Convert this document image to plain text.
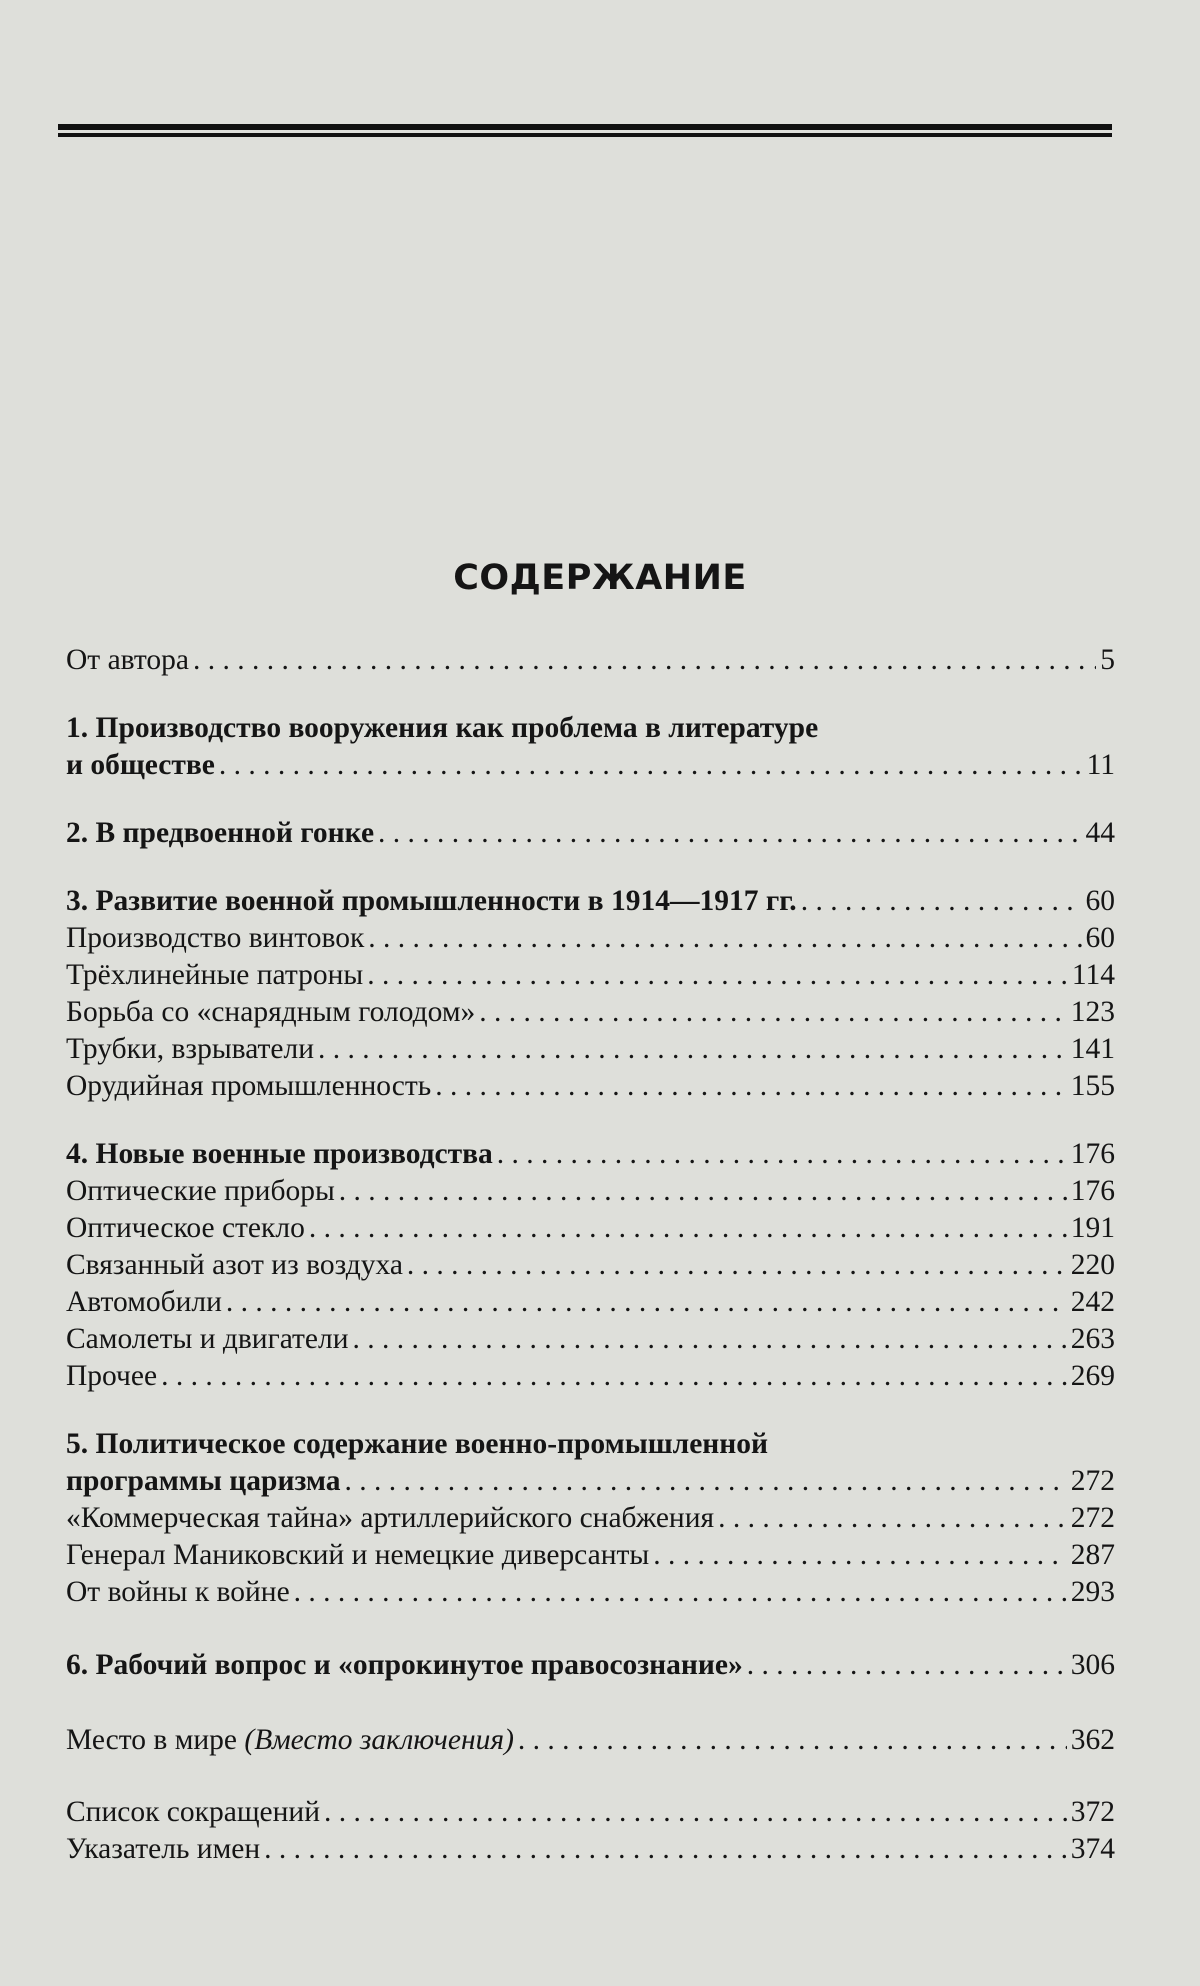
СОДЕРЖАНИЕ
От автора . . .	5
1. Производство вооружения как проблема в литературе
и обществе . . .	11
2. В предвоенной гонке . . .	44
3. Развитие военной промышленности в 1914—1917 гг. . . .	60
Производство винтовок . . .	60
Трёхлинейные патроны . . .	114
Борьба со «снарядным голодом» . . .	123
Трубки, взрыватели . . .	141
Орудийная промышленность . . .	155
4. Новые военные производства . . .	176
Оптические приборы . . .	176
Оптическое стекло . . .	191
Связанный азот из воздуха . . .	220
Автомобили . . .	242
Самолеты и двигатели . . .	263
Прочее . . .	269
5. Политическоe содержание военно-промышленной
программы царизма . . .	272
«Коммерческая тайна» артиллерийского снабжения . . .	272
Генерал Маниковский и немецкие диверсанты . . .	287
От войны к войне . . .	293
6. Рабочий вопрос и «опрокинутое правосознание» . . .	306
Место в мире (Вместо заключения) . . .	362
Список сокращений . . .	372
Указатель имен . . .	374
